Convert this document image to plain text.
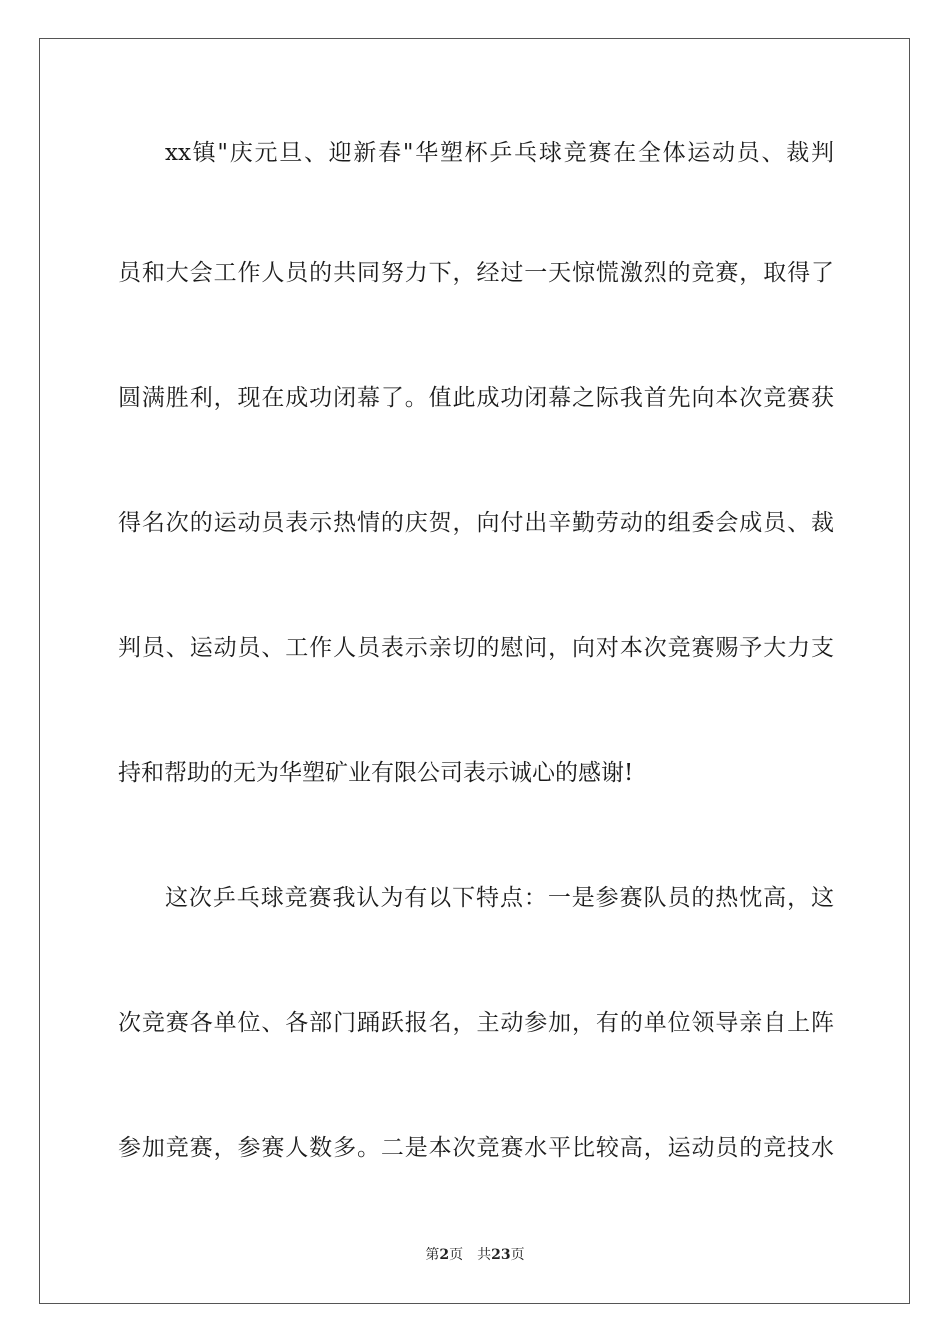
xx镇"庆元旦、迎新春"华塑杯乒乓球竞赛在全体运动员、裁判
员和大会工作人员的共同努力下，经过一天惊慌激烈的竞赛，取得了
圆满胜利，现在成功闭幕了。值此成功闭幕之际我首先向本次竞赛获
得名次的运动员表示热情的庆贺，向付出辛勤劳动的组委会成员、裁
判员、运动员、工作人员表示亲切的慰问，向对本次竞赛赐予大力支
持和帮助的无为华塑矿业有限公司表示诚心的感谢!
这次乒乓球竞赛我认为有以下特点：一是参赛队员的热忱高，这
次竞赛各单位、各部门踊跃报名，主动参加，有的单位领导亲自上阵
参加竞赛，参赛人数多。二是本次竞赛水平比较高，运动员的竞技水
第2页 共23页
